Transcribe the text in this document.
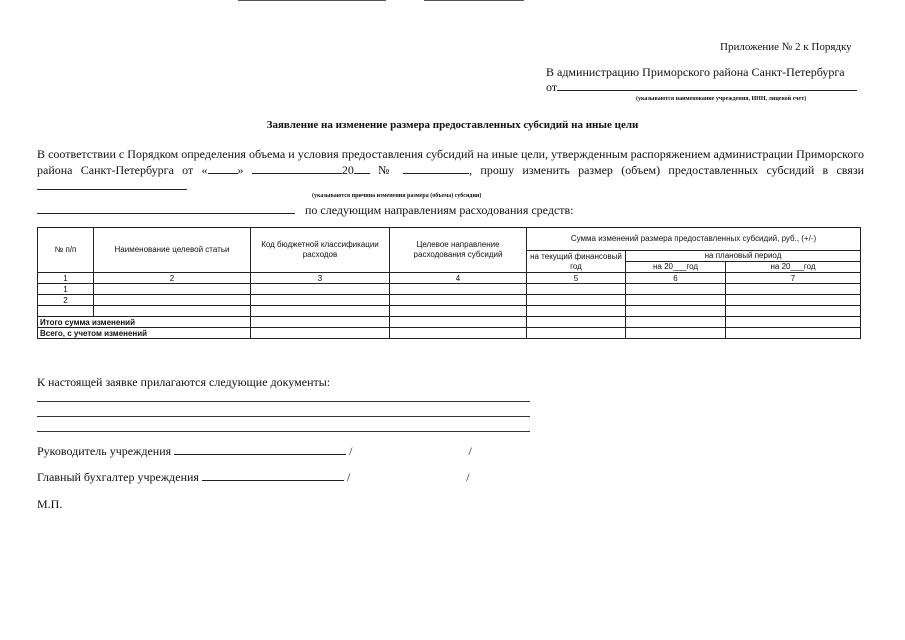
Приложение № 2 к Порядку
В администрацию Приморского района Санкт-Петербурга
от
(указываются наименование учреждения, ИНН, лицевой счет)
Заявление на изменение размера предоставленных субсидий на иные цели
В соответствии с Порядком определения объема и условия предоставления субсидий на иные цели, утвержденным распоряжением администрации Приморского района Санкт-Петербурга от «	»	20 №	, прошу изменить размер (объем) предоставленных субсидий в связи
(указываются причина изменения размера (объема) субсидии)
по следующим направлениям расходования средств:
№ п/п	Наименование целевой статьи	Код бюджетной классификации расходов	Целевое направление расходования субсидий	Сумма изменений размера предоставленных субсидий, руб., (+/-)		
				на текущий финансовый год	на плановый период	
					на 20___год	на 20___год
1	2	3	4	5	6	7
1						
2						

Итого сумма изменений						
Всего, с учетом изменений						
К настоящей заявке прилагаются следующие документы:
Руководитель учреждения	/	/
Главный бухгалтер учреждения	/	/
М.П.
